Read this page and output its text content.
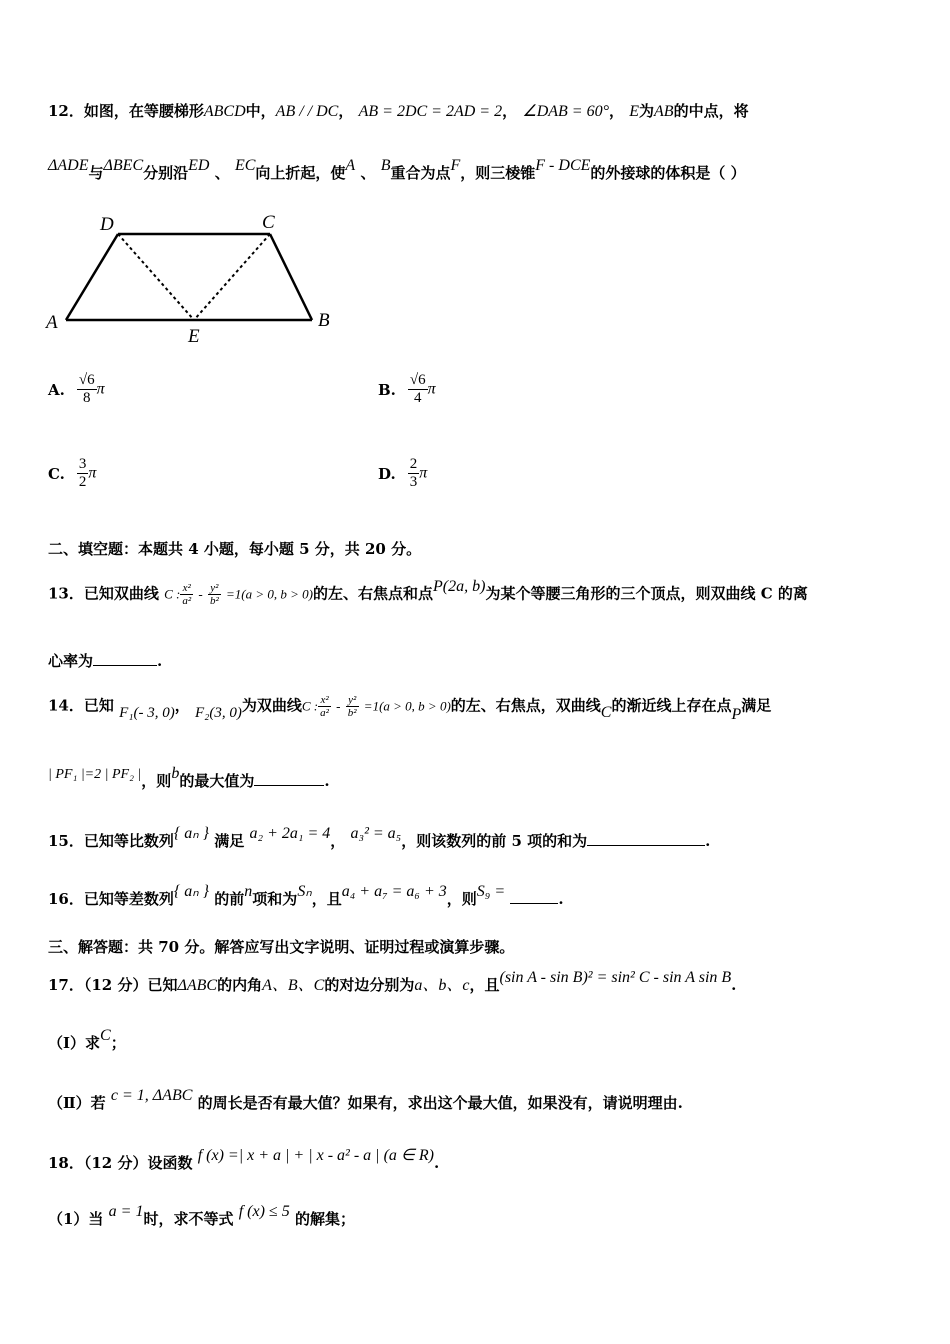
12．如图，在等腰梯形ABCD中，AB / / DC， AB = 2DC = 2AD = 2， ∠DAB = 60°， E为AB的中点，将
ΔADE与ΔBEC分别沿ED 、 EC向上折起，使A 、 B重合为点F，则三棱锥F - DCE的外接球的体积是（ ）
A	B
C
D
E
A. $\frac{√6}{8}$ π	B. $\frac{√6}{4}$ π
C. $\frac{3}{2}$ π	D. $\frac{2}{3}$ π
二、填空题：本题共 4 小题，每小题 5 分，共 20 分。
13．已知双曲线 C : $\frac{\text{x²}}{\text{a²}} - \frac{\text{y²}}{\text{b²}} =1(a > 0$, b > 0)的左、右焦点和点P(2a, b)为某个等腰三角形的三个顶点，则双曲线 C 的离
心率为	.
14．已知 F₁(- 3, 0)， F₂(3, 0)为双曲线C : $\frac{\text{x²}}{\text{a²}} - \frac{\text{y²}}{\text{b²}} =1(a > 0$, b > 0)的左、右焦点，双曲线C的渐近线上存在点P满足
| PF₁ |=2 | PF₂ |，则b的最大值为	.
15．已知等比数列{ aₙ } 满足 a₂ + 2a₁ = 4， a₃² = a₅，则该数列的前 5 项的和为	.
16．已知等差数列{ aₙ } 的前n项和为Sₙ，且a₄ + a₇ = a₆ + 3，则S₉ =	.
三、解答题：共 70 分。解答应写出文字说明、证明过程或演算步骤。
17．（12 分）已知ΔABC的内角A、B、C的对边分别为a、b、c，且(sin A - sin B)² = sin² C - sin A sin B.
（Ⅰ）求C；
（Ⅱ）若 c = 1, ΔABC 的周长是否有最大值？如果有，求出这个最大值，如果没有，请说明理由.
18．（12 分）设函数 f (x) =| x + a | + | x - a² - a | (a ∈ R).
（1）当 a = 1时，求不等式 f (x) ≤ 5 的解集；
